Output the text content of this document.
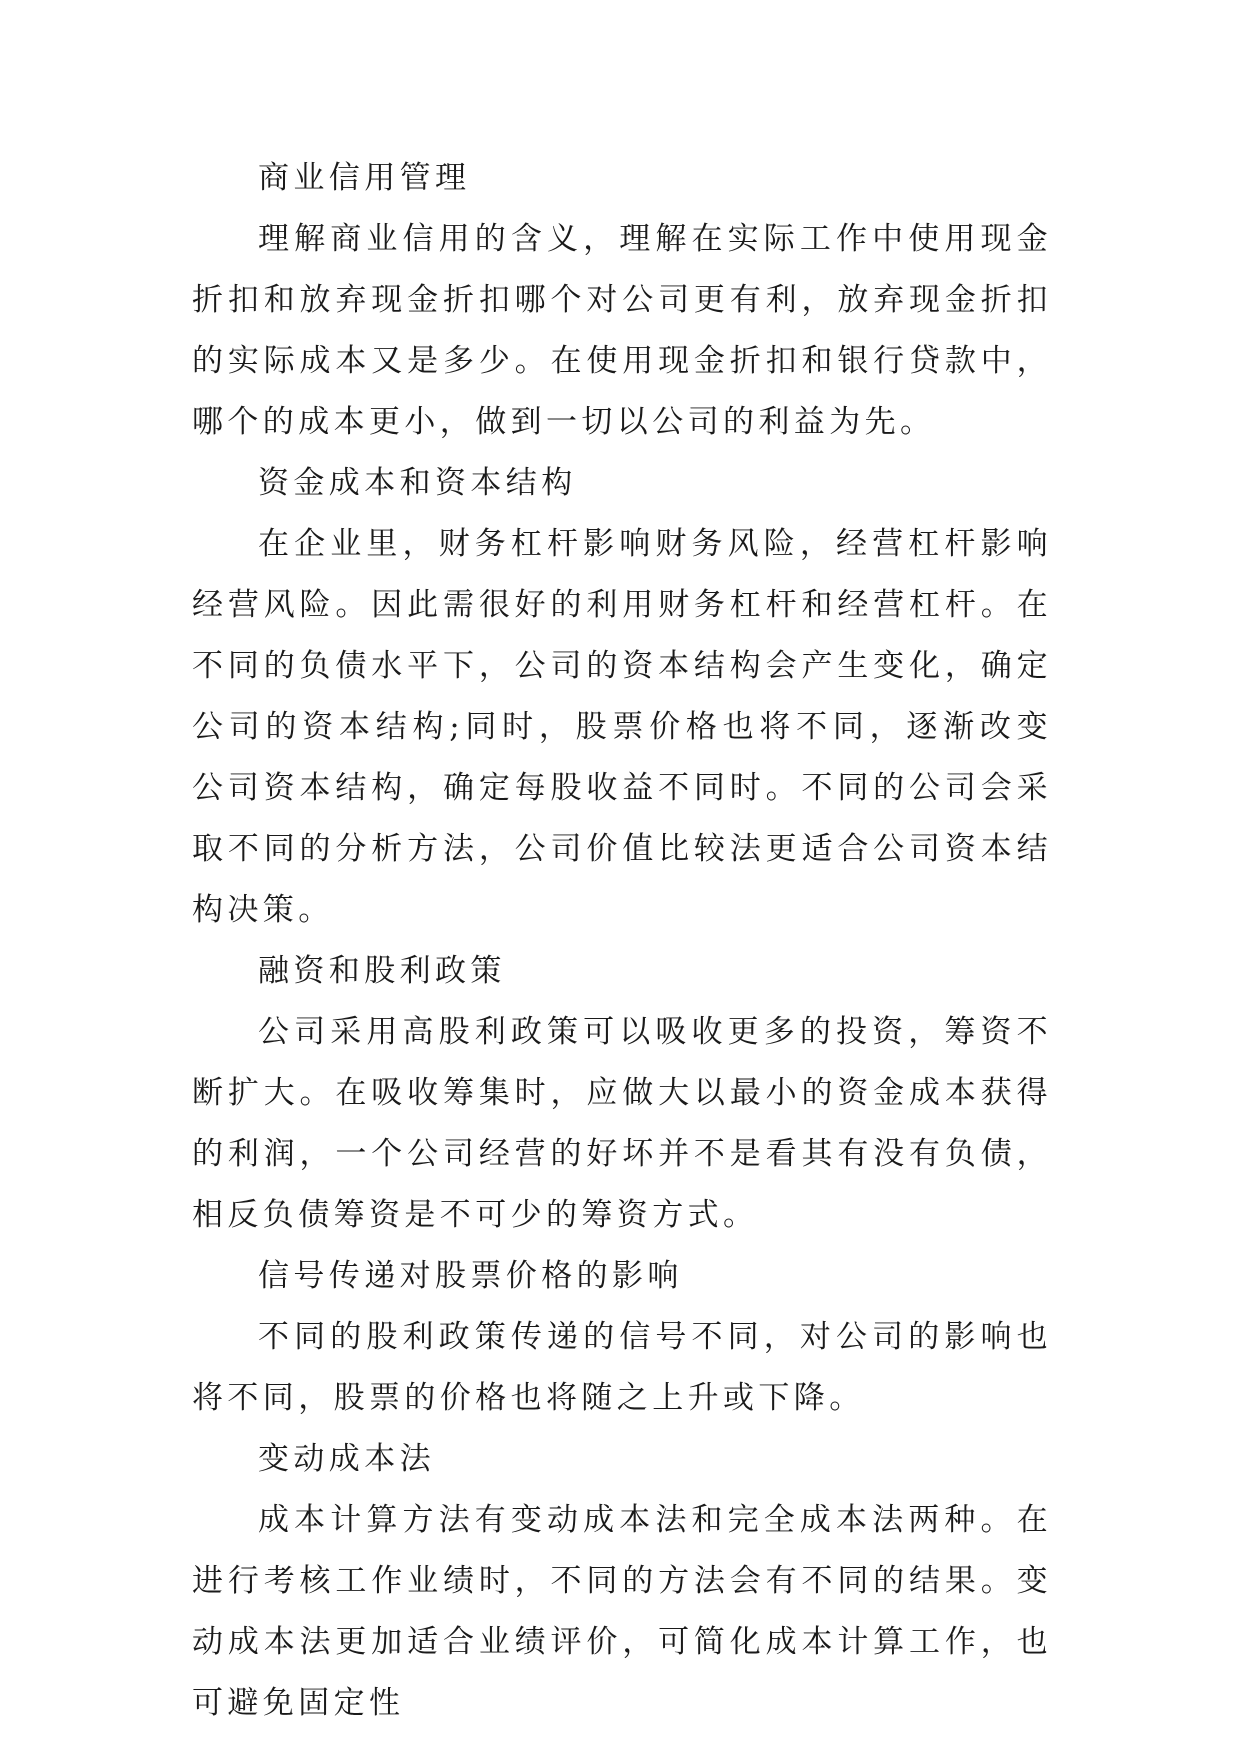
商业信用管理

理解商业信用的含义，理解在实际工作中使用现金折扣和放弃现金折扣哪个对公司更有利，放弃现金折扣的实际成本又是多少。在使用现金折扣和银行贷款中，哪个的成本更小，做到一切以公司的利益为先。

资金成本和资本结构

在企业里，财务杠杆影响财务风险，经营杠杆影响经营风险。因此需很好的利用财务杠杆和经营杠杆。在不同的负债水平下，公司的资本结构会产生变化，确定公司的资本结构;同时，股票价格也将不同，逐渐改变公司资本结构，确定每股收益不同时。不同的公司会采取不同的分析方法，公司价值比较法更适合公司资本结构决策。

融资和股利政策

公司采用高股利政策可以吸收更多的投资，筹资不断扩大。在吸收筹集时，应做大以最小的资金成本获得的利润，一个公司经营的好坏并不是看其有没有负债，相反负债筹资是不可少的筹资方式。

信号传递对股票价格的影响

不同的股利政策传递的信号不同，对公司的影响也将不同，股票的价格也将随之上升或下降。

变动成本法

成本计算方法有变动成本法和完全成本法两种。在进行考核工作业绩时，不同的方法会有不同的结果。变动成本法更加适合业绩评价，可简化成本计算工作，也可避免固定性
